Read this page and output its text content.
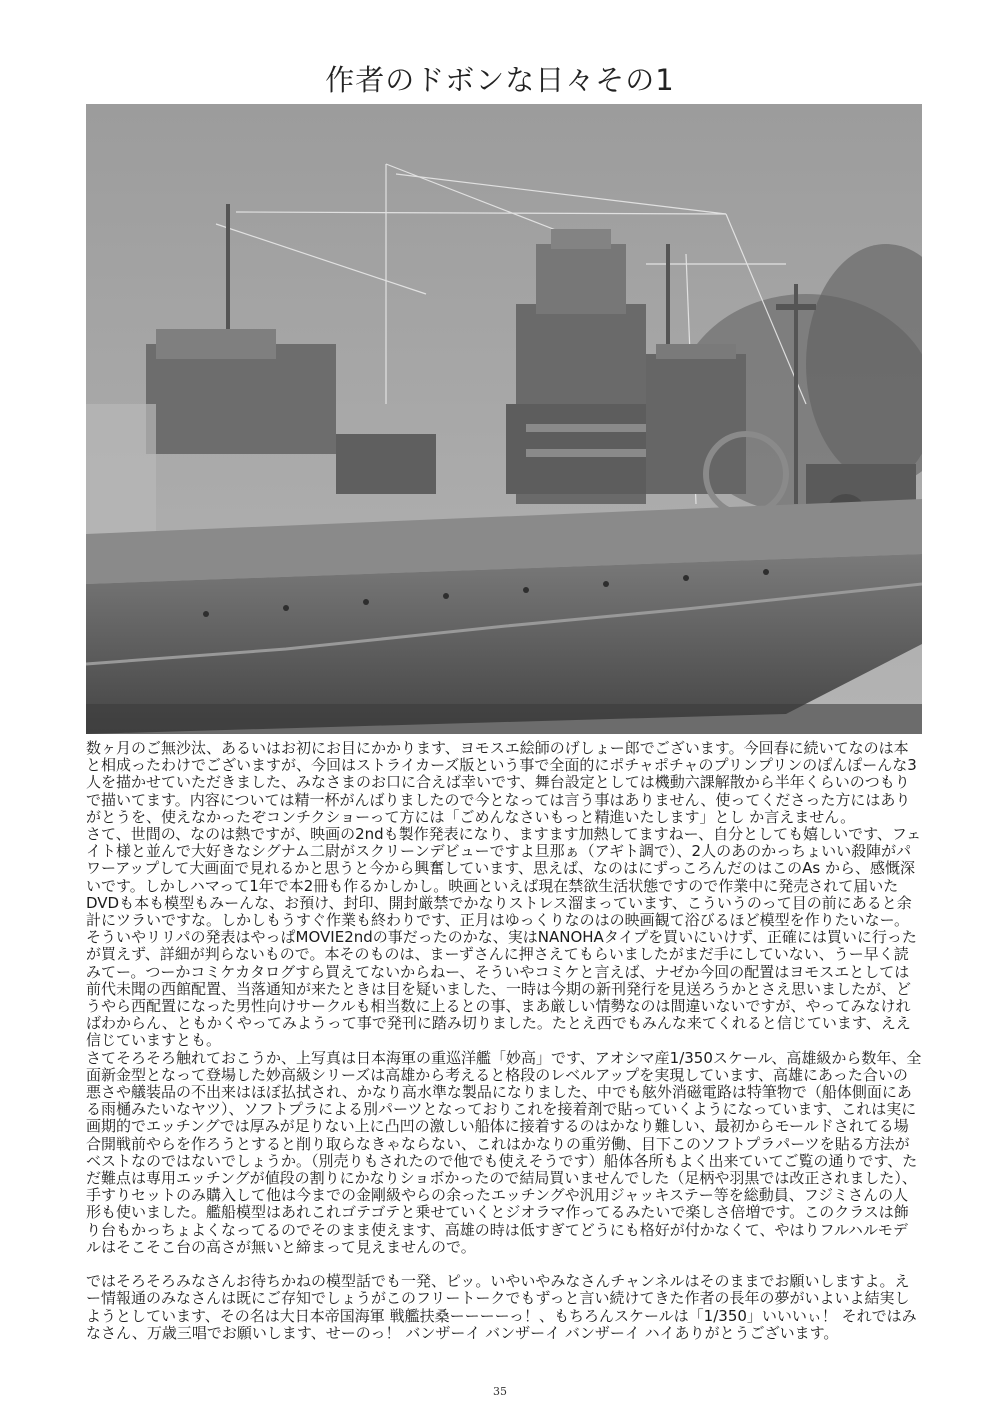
作者のドボンな日々その1

数ヶ月のご無沙汰、あるいはお初にお目にかかります、ヨモスエ絵師のげしょー郎でございます。今回春に続いてなのは本と相成ったわけでございますが、今回はストライカーズ版という事で全面的にポチャポチャのプリンプリンのぽんぽーんな3人を描かせていただきました、みなさまのお口に合えば幸いです、舞台設定としては機動六課解散から半年くらいのつもりで描いてます。内容については精一杯がんばりましたので今となっては言う事はありません、使ってくださった方にはありがとうを、使えなかったぞコンチクショーって方には「ごめんなさいもっと精進いたします」とし か言えません。

さて、世間の、なのは熱ですが、映画の2ndも製作発表になり、ますます加熱してますねー、自分としても嬉しいです、フェイト様と並んで大好きなシグナム二尉がスクリーンデビューですよ旦那ぁ（アギト調で）、2人のあのかっちょいい殺陣がパワーアップして大画面で見れるかと思うと今から興奮しています、思えば、なのはにずっころんだのはこのAs から、感慨深いです。しかしハマって1年で本2冊も作るかしかし。映画といえば現在禁欲生活状態ですので作業中に発売されて届いたDVDも本も模型もみーんな、お預け、封印、開封厳禁でかなりストレス溜まっています、こういうのって目の前にあると余計にツラいですな。しかしもうすぐ作業も終わりです、正月はゆっくりなのはの映画観て浴びるほど模型を作りたいなー。そういやリリパの発表はやっぱMOVIE2ndの事だったのかな、実はNANOHAタイプを買いにいけず、正確には買いに行ったが買えず、詳細が判らないもので。本そのものは、まーずさんに押さえてもらいましたがまだ手にしていない、うー早く読みてー。つーかコミケカタログすら買えてないからねー、そういやコミケと言えば、ナゼか今回の配置はヨモスエとしては前代未聞の西館配置、当落通知が来たときは目を疑いました、一時は今期の新刊発行を見送ろうかとさえ思いましたが、どうやら西配置になった男性向けサークルも相当数に上るとの事、まあ厳しい情勢なのは間違いないですが、やってみなければわからん、ともかくやってみようって事で発刊に踏み切りました。たとえ西でもみんな来てくれると信じています、ええ信じていますとも。

さてそろそろ触れておこうか、上写真は日本海軍の重巡洋艦「妙高」です、アオシマ産1/350スケール、高雄級から数年、全面新金型となって登場した妙高級シリーズは高雄から考えると格段のレベルアップを実現しています、高雄にあった合いの悪さや艤装品の不出来はほぼ払拭され、かなり高水準な製品になりました、中でも舷外消磁電路は特筆物で（船体側面にある雨樋みたいなヤツ）、ソフトプラによる別パーツとなっておりこれを接着剤で貼っていくようになっています、これは実に画期的でエッチングでは厚みが足りない上に凸凹の激しい船体に接着するのはかなり難しい、最初からモールドされてる場合開戦前やらを作ろうとすると削り取らなきゃならない、これはかなりの重労働、目下このソフトプラパーツを貼る方法がベストなのではないでしょうか。（別売りもされたので他でも使えそうです）船体各所もよく出来ていてご覧の通りです、ただ難点は専用エッチングが値段の割りにかなりショボかったので結局買いませんでした（足柄や羽黒では改正されました）、手すりセットのみ購入して他は今までの金剛級やらの余ったエッチングや汎用ジャッキステー等を総動員、フジミさんの人形も使いました。艦船模型はあれこれゴテゴテと乗せていくとジオラマ作ってるみたいで楽しさ倍増です。このクラスは飾り台もかっちょよくなってるのでそのまま使えます、高雄の時は低すぎてどうにも格好が付かなくて、やはりフルハルモデルはそこそこ台の高さが無いと締まって見えませんので。

ではそろそろみなさんお待ちかねの模型話でも一発、ピッ。いやいやみなさんチャンネルはそのままでお願いしますよ。えー情報通のみなさんは既にご存知でしょうがこのフリートークでもずっと言い続けてきた作者の長年の夢がいよいよ結実しようとしています、その名は大日本帝国海軍 戦艦扶桑ーーーーっ！、もちろんスケールは「1/350」いいいぃ！ それではみなさん、万歳三唱でお願いします、せーのっ！ バンザーイ バンザーイ バンザーイ ハイありがとうございます。

35
